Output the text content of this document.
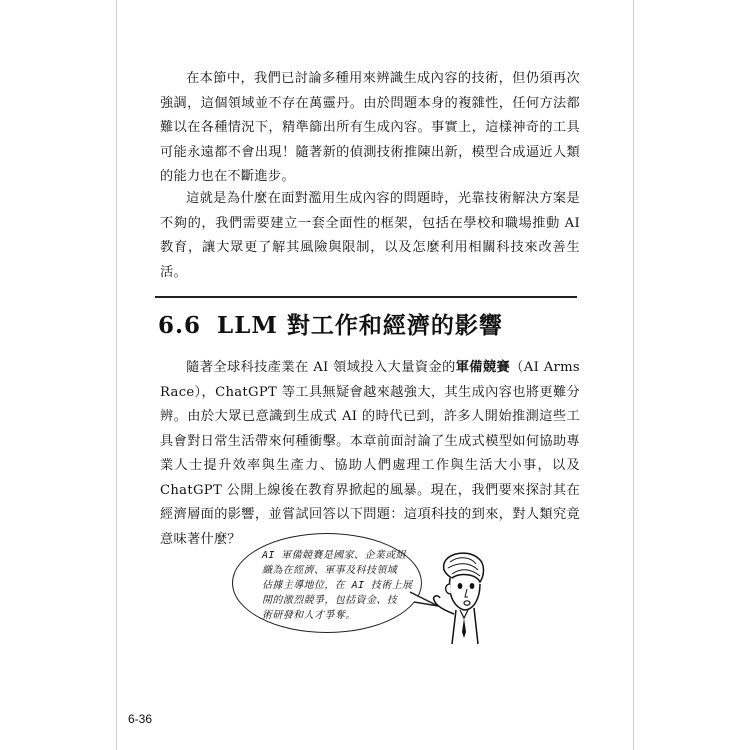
在本節中，我們已討論多種用來辨識生成內容的技術，但仍須再次強調，這個領域並不存在萬靈丹。由於問題本身的複雜性，任何方法都難以在各種情況下，精準篩出所有生成內容。事實上，這樣神奇的工具可能永遠都不會出現！隨著新的偵測技術推陳出新，模型合成逼近人類的能力也在不斷進步。

這就是為什麼在面對濫用生成內容的問題時，光靠技術解決方案是不夠的，我們需要建立一套全面性的框架，包括在學校和職場推動 AI 教育，讓大眾更了解其風險與限制，以及怎麼利用相關科技來改善生活。

6.6 LLM 對工作和經濟的影響

隨著全球科技產業在 AI 領域投入大量資金的軍備競賽（AI Arms Race），ChatGPT 等工具無疑會越來越強大，其生成內容也將更難分辨。由於大眾已意識到生成式 AI 的時代已到，許多人開始推測這些工具會對日常生活帶來何種衝擊。本章前面討論了生成式模型如何協助專業人士提升效率與生產力、協助人們處理工作與生活大小事，以及 ChatGPT 公開上線後在教育界掀起的風暴。現在，我們要來探討其在經濟層面的影響，並嘗試回答以下問題：這項科技的到來，對人類究竟意味著什麼？

AI 軍備競賽是國家、企業或組
織為在經濟、軍事及科技領域
佔據主導地位，在 AI 技術上展
開的激烈競爭，包括資金、技
術研發和人才爭奪。
6-36
